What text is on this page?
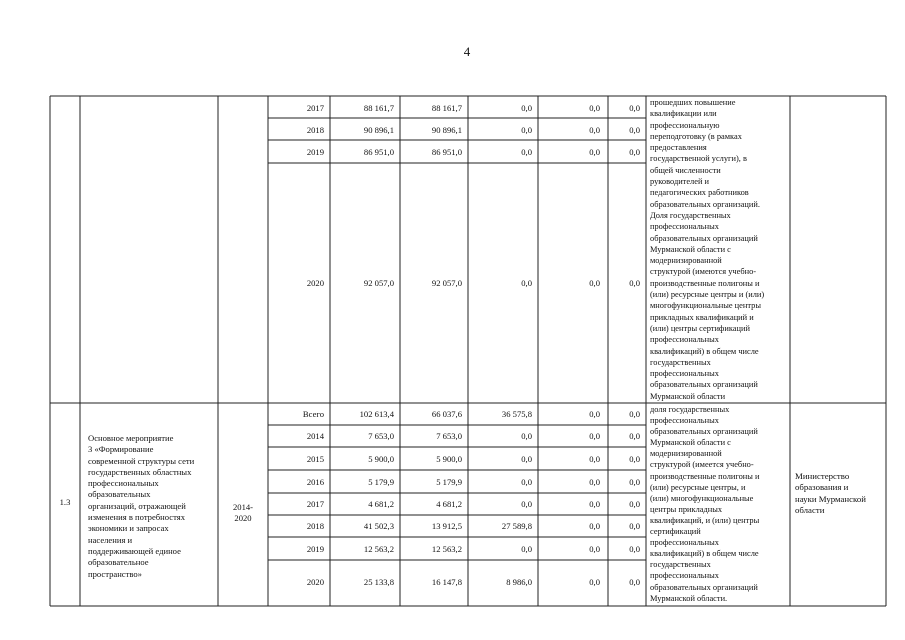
4
2017	88 161,7	88 161,7	0,0	0,0	0,0
2018	90 896,1	90 896,1	0,0	0,0	0,0
2019	86 951,0	86 951,0	0,0	0,0	0,0
2020	92 057,0	92 057,0	0,0	0,0	0,0
прошедших повышение
квалификации или
профессиональную
переподготовку (в рамках
предоставления
государственной услуги), в
общей численности
руководителей и
педагогических работников
образовательных организаций.
Доля государственных
профессиональных
образовательных организаций
Мурманской области с
модернизированной
структурой (имеются учебно-
производственные полигоны и
(или) ресурсные центры и (или)
многофункциональные центры
прикладных квалификаций и
(или) центры сертификаций
профессиональных
квалификаций) в общем числе
государственных
профессиональных
образовательных организаций
Мурманской области
1.3
Основное мероприятие
3 «Формирование
современной структуры сети
государственных областных
профессиональных
образовательных
организаций, отражающей
изменения в потребностях
экономики и запросах
населения и
поддерживающей единое
образовательное
пространство»
2014-
2020
Всего	102 613,4	66 037,6	36 575,8	0,0	0,0
2014	7 653,0	7 653,0	0,0	0,0	0,0
2015	5 900,0	5 900,0	0,0	0,0	0,0
2016	5 179,9	5 179,9	0,0	0,0	0,0
2017	4 681,2	4 681,2	0,0	0,0	0,0
2018	41 502,3	13 912,5	27 589,8	0,0	0,0
2019	12 563,2	12 563,2	0,0	0,0	0,0
2020	25 133,8	16 147,8	8 986,0	0,0	0,0
доля государственных
профессиональных
образовательных организаций
Мурманской области с
модернизированной
структурой (имеется учебно-
производственные полигоны и
(или) ресурсные центры, и
(или) многофункциональные
центры прикладных
квалификаций, и (или) центры
сертификаций
профессиональных
квалификаций) в общем числе
государственных
профессиональных
образовательных организаций
Мурманской области.
Министерство
образования и
науки Мурманской
области
